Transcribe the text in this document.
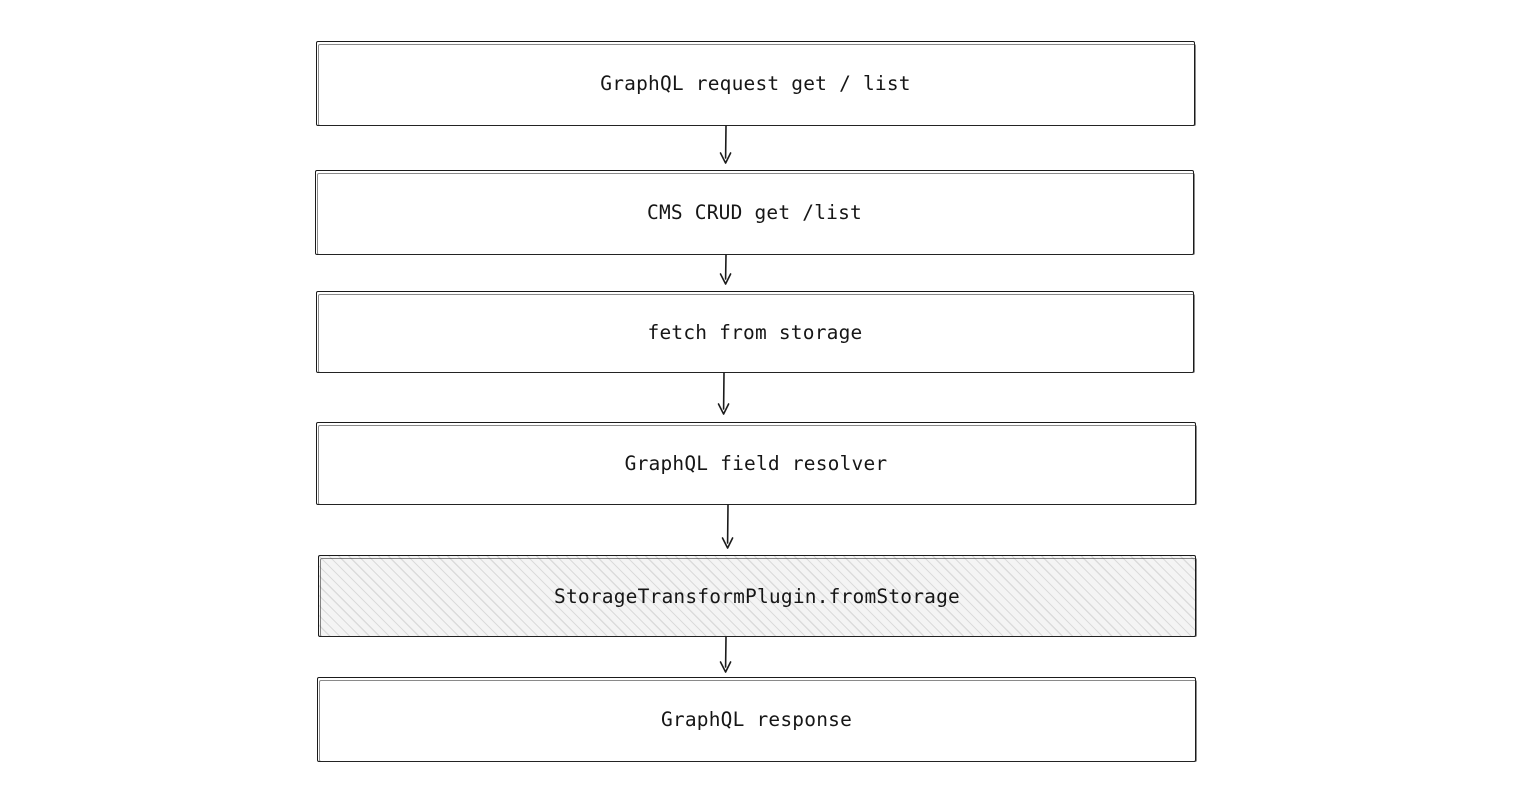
GraphQL request get / list
CMS CRUD get /list
fetch from storage
GraphQL field resolver
StorageTransformPlugin.fromStorage
GraphQL response
